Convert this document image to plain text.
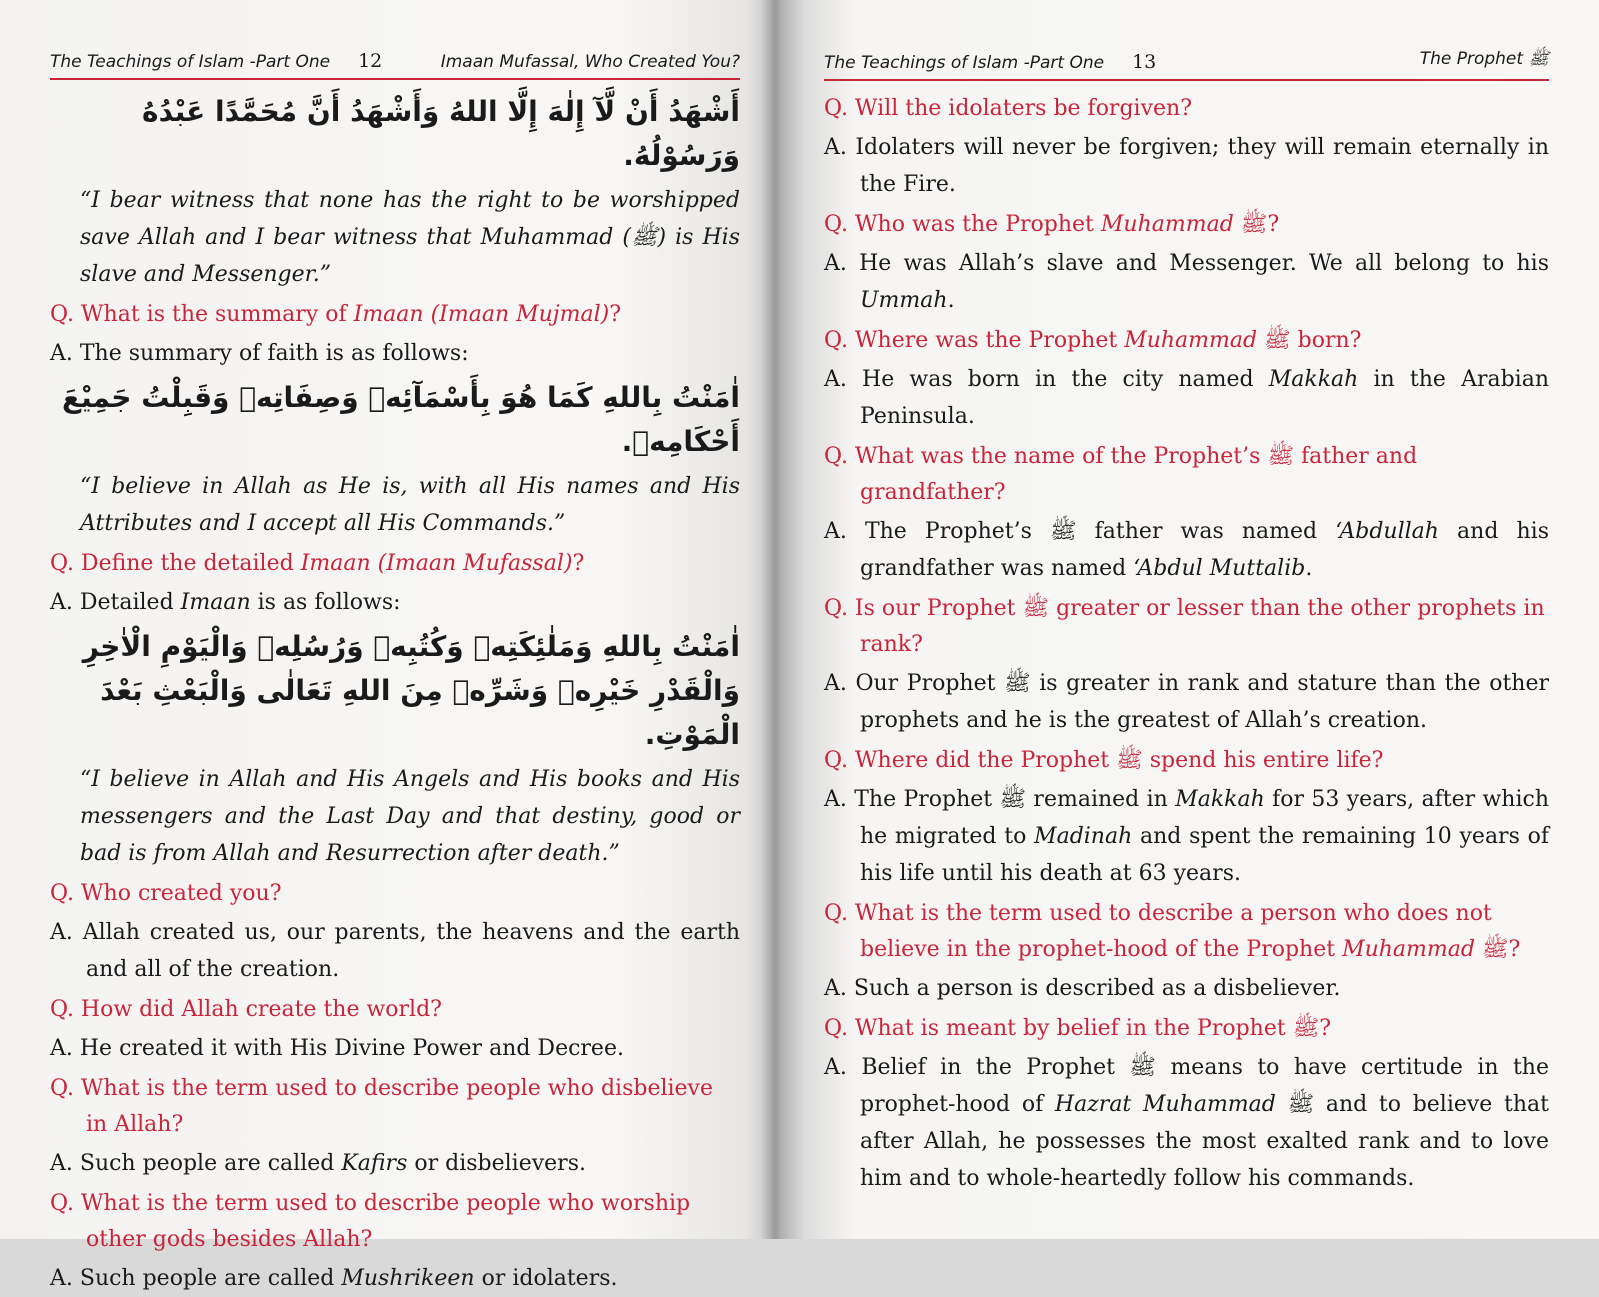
The Teachings of Islam -Part One 12	Imaan Mufassal, Who Created You?
أَشْهَدُ أَنْ لَّآ إِلٰهَ إِلَّا اللهُ وَأَشْهَدُ أَنَّ مُحَمَّدًا عَبْدُهُ وَرَسُوْلُهُ.

“I bear witness that none has the right to be worshipped save Allah and I bear witness that Muhammad (ﷺ) is His slave and Messenger.”

Q. What is the summary of Imaan (Imaan Mujmal)?

A. The summary of faith is as follows:

اٰمَنْتُ بِاللهِ كَمَا هُوَ بِأَسْمَآئِهٖ وَصِفَاتِهٖ وَقَبِلْتُ جَمِيْعَ أَحْكَامِهٖ.

“I believe in Allah as He is, with all His names and His Attributes and I accept all His Commands.”

Q. Define the detailed Imaan (Imaan Mufassal)?

A. Detailed Imaan is as follows:

اٰمَنْتُ بِاللهِ وَمَلٰئِكَتِهٖ وَكُتُبِهٖ وَرُسُلِهٖ وَالْيَوْمِ الْاٰخِرِ وَالْقَدْرِ خَيْرِهٖ وَشَرِّهٖ مِنَ اللهِ تَعَالٰى وَالْبَعْثِ بَعْدَ الْمَوْتِ.

“I believe in Allah and His Angels and His books and His messengers and the Last Day and that destiny, good or bad is from Allah and Resurrection after death.”

Q. Who created you?

A. Allah created us, our parents, the heavens and the earth and all of the creation.

Q. How did Allah create the world?

A. He created it with His Divine Power and Decree.

Q. What is the term used to describe people who disbelieve in Allah?

A. Such people are called Kafirs or disbelievers.

Q. What is the term used to describe people who worship other gods besides Allah?

A. Such people are called Mushrikeen or idolaters.

The Teachings of Islam -Part One 13	The Prophet ﷺ

Q. Will the idolaters be forgiven?

A. Idolaters will never be forgiven; they will remain eternally in the Fire.

Q. Who was the Prophet Muhammad ﷺ?

A. He was Allah’s slave and Messenger. We all belong to his Ummah.

Q. Where was the Prophet Muhammad ﷺ born?

A. He was born in the city named Makkah in the Arabian Peninsula.

Q. What was the name of the Prophet’s ﷺ father and grandfather?

A. The Prophet’s ﷺ father was named ‘Abdullah and his grandfather was named ‘Abdul Muttalib.

Q. Is our Prophet ﷺ greater or lesser than the other prophets in rank?

A. Our Prophet ﷺ is greater in rank and stature than the other prophets and he is the greatest of Allah’s creation.

Q. Where did the Prophet ﷺ spend his entire life?

A. The Prophet ﷺ remained in Makkah for 53 years, after which he migrated to Madinah and spent the remaining 10 years of his life until his death at 63 years.

Q. What is the term used to describe a person who does not believe in the prophet-hood of the Prophet Muhammad ﷺ?

A. Such a person is described as a disbeliever.

Q. What is meant by belief in the Prophet ﷺ?

A. Belief in the Prophet ﷺ means to have certitude in the prophet-hood of Hazrat Muhammad ﷺ and to believe that after Allah, he possesses the most exalted rank and to love him and to whole-heartedly follow his commands.
